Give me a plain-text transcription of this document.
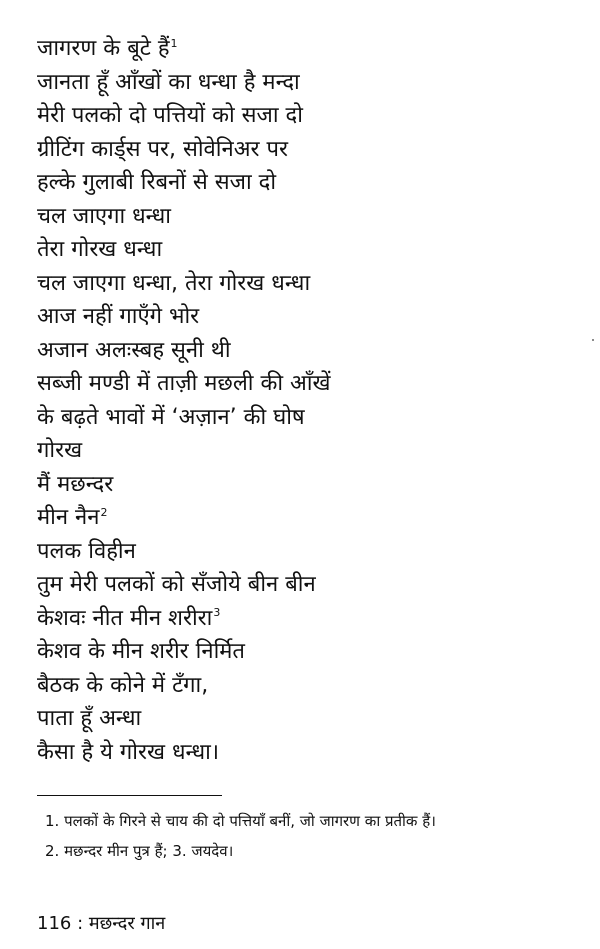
जागरण के बूटे हैं$^1$
जानता हूँ आँखों का धन्धा है मन्दा
मेरी पलको दो पत्तियों को सजा दो
ग्रीटिंग कार्ड्स पर, सोवेनिअर पर
हल्के गुलाबी रिबनों से सजा दो
चल जाएगा धन्धा
तेरा गोरख धन्धा
चल जाएगा धन्धा, तेरा गोरख धन्धा
आज नहीं गाएँगे भोर
अजान अलःस्बह सूनी थी
सब्जी मण्डी में ताज़ी मछली की आँखें
के बढ़ते भावों में ‘अज़ान’ की घोष
गोरख
मैं मछन्दर
मीन नैन$^2$
पलक विहीन
तुम मेरी पलकों को सँजोये बीन बीन
केशवः नीत मीन शरीरा$^3$
केशव के मीन शरीर निर्मित
बैठक के कोने में टँगा,
पाता हूँ अन्धा
कैसा है ये गोरख धन्धा।
1. पलकों के गिरने से चाय की दो पत्तियाँ बनीं, जो जागरण का प्रतीक हैं।
2. मछन्दर मीन पुत्र हैं; 3. जयदेव।
116 : मछन्दर गान
